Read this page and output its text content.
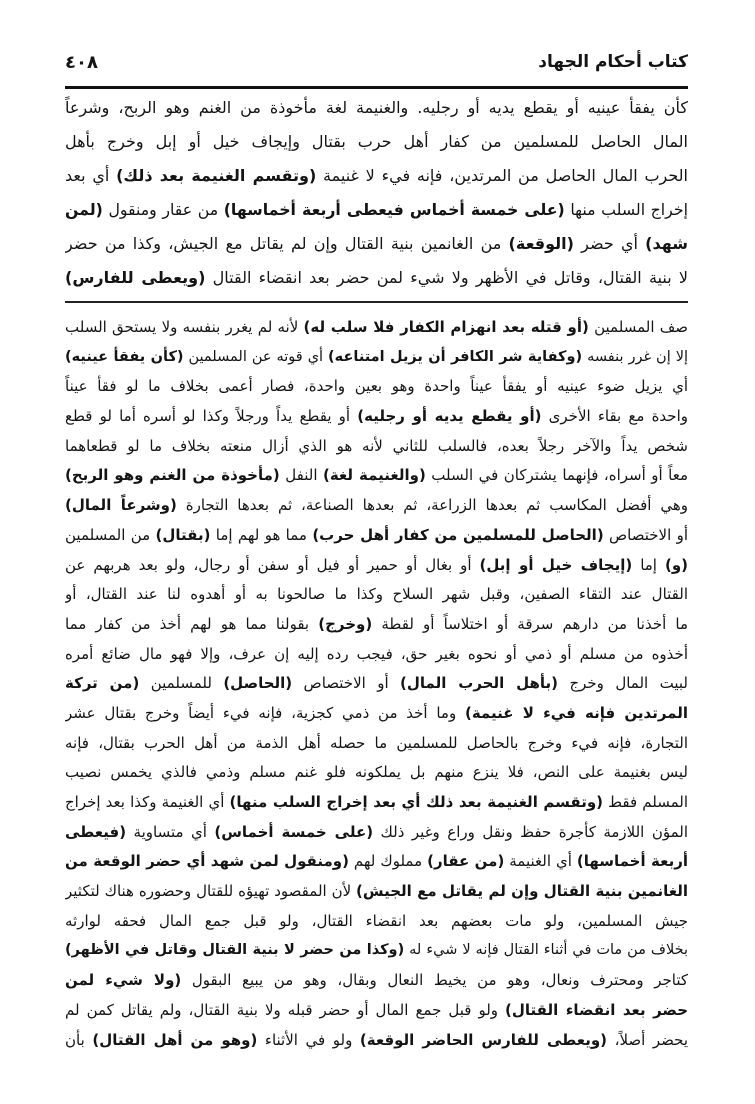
كتاب أحكام الجهاد
٤٠٨
كأن يفقأ عينيه أو يقطع يديه أو رجليه. والغنيمة لغة مأخوذة من الغنم وهو الربح، وشرعاً
المال الحاصل للمسلمين من كفار أهل حرب بقتال وإيجاف خيل أو إبل وخرج بأهل
الحرب المال الحاصل من المرتدين، فإنه فيء لا غنيمة (وتقسم الغنيمة بعد ذلك) أي بعد
إخراج السلب منها (على خمسة أخماس فيعطى أربعة أخماسها) من عقار ومنقول (لمن
شهد) أي حضر (الوقعة) من الغانمين بنية القتال وإن لم يقاتل مع الجيش، وكذا من حضر
لا بنية القتال، وقاتل في الأظهر ولا شيء لمن حضر بعد انقضاء القتال (ويعطى للفارس)
صف المسلمين (أو قتله بعد انهزام الكفار فلا سلب له) لأنه لم يغرر بنفسه ولا يستحق السلب
إلا إن غرر بنفسه (وكفاية شر الكافر أن يزيل امتناعه) أي قوته عن المسلمين (كأن يفقأ عينيه)
أي يزيل ضوء عينيه أو يفقأ عيناً واحدة وهو بعين واحدة، فصار أعمى بخلاف ما لو فقأ عيناً
واحدة مع بقاء الأخرى (أو يقطع يديه أو رجليه) أو يقطع يداً ورجلاً وكذا لو أسره أما لو قطع
شخص يداً والآخر رجلاً بعده، فالسلب للثاني لأنه هو الذي أزال منعته بخلاف ما لو قطعاهما
معاً أو أسراه، فإنهما يشتركان في السلب (والغنيمة لغة) النفل (مأخوذة من الغنم وهو الربح)
وهي أفضل المكاسب ثم بعدها الزراعة، ثم بعدها الصناعة، ثم بعدها التجارة (وشرعاً المال)
أو الاختصاص (الحاصل للمسلمين من كفار أهل حرب) مما هو لهم إما (بقتال) من المسلمين
(و) إما (إيجاف خيل أو إبل) أو بغال أو حمير أو فيل أو سفن أو رجال، ولو بعد هربهم عن
القتال عند التقاء الصفين، وقبل شهر السلاح وكذا ما صالحونا به أو أهدوه لنا عند القتال، أو
ما أخذنا من دارهم سرقة أو اختلاساً أو لقطة (وخرج) بقولنا مما هو لهم أخذ من كفار مما
أخذوه من مسلم أو ذمي أو نحوه بغير حق، فيجب رده إليه إن عرف، وإلا فهو مال ضائع أمره
لبيت المال وخرج (بأهل الحرب المال) أو الاختصاص (الحاصل) للمسلمين (من تركة
المرتدين فإنه فيء لا غنيمة) وما أخذ من ذمي كجزية، فإنه فيء أيضاً وخرج بقتال عشر
التجارة، فإنه فيء وخرج بالحاصل للمسلمين ما حصله أهل الذمة من أهل الحرب بقتال، فإنه
ليس بغنيمة على النص، فلا ينزع منهم بل يملكونه فلو غنم مسلم وذمي فالذي يخمس نصيب
المسلم فقط (وتقسم الغنيمة بعد ذلك أي بعد إخراج السلب منها) أي الغنيمة وكذا بعد إخراج
المؤن اللازمة كأجرة حفظ ونقل وراع وغير ذلك (على خمسة أخماس) أي متساوية (فيعطى
أربعة أخماسها) أي الغنيمة (من عقار) مملوك لهم (ومنقول لمن شهد أي حضر الوقعة من
الغانمين بنية القتال وإن لم يقاتل مع الجيش) لأن المقصود تهيؤه للقتال وحضوره هناك لتكثير
جيش المسلمين، ولو مات بعضهم بعد انقضاء القتال، ولو قبل جمع المال فحقه لوارثه
بخلاف من مات في أثناء القتال فإنه لا شيء له (وكذا من حضر لا بنية القتال وقاتل في الأظهر)
كتاجر ومحترف ونعال، وهو من يخيط النعال وبقال، وهو من يبيع البقول (ولا شيء لمن
حضر بعد انقضاء القتال) ولو قبل جمع المال أو حضر قبله ولا بنية القتال، ولم يقاتل كمن لم
يحضر أصلاً، (ويعطى للفارس الحاضر الوقعة) ولو في الأثناء (وهو من أهل القتال) بأن
